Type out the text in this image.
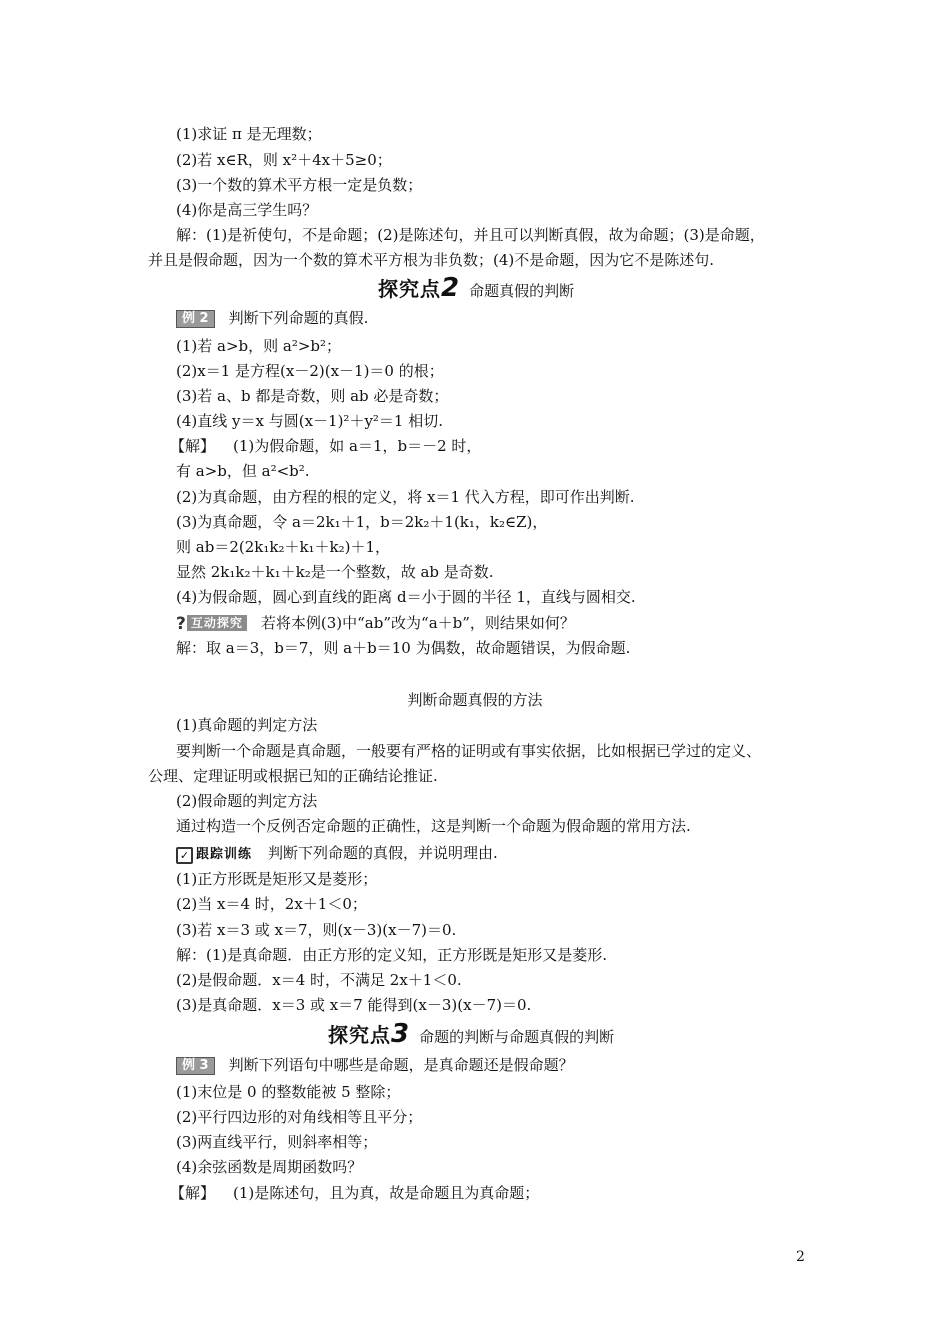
(1)求证 π 是无理数；
(2)若 x∈R，则 x²＋4x＋5≥0；
(3)一个数的算术平方根一定是负数；
(4)你是高三学生吗？
解：(1)是祈使句，不是命题；(2)是陈述句，并且可以判断真假，故为命题；(3)是命题，
并且是假命题，因为一个数的算术平方根为非负数；(4)不是命题，因为它不是陈述句.
探究点2 命题真假的判断
例 2 判断下列命题的真假.
(1)若 a>b，则 a²>b²；
(2)x＝1 是方程(x－2)(x－1)＝0 的根；
(3)若 a、b 都是奇数，则 ab 必是奇数；
(4)直线 y＝x 与圆(x－1)²＋y²＝1 相切.
【解】 (1)为假命题，如 a＝1，b＝－2 时，
有 a>b，但 a²<b².
(2)为真命题，由方程的根的定义，将 x＝1 代入方程，即可作出判断.
(3)为真命题，令 a＝2k₁＋1，b＝2k₂＋1(k₁，k₂∈Z)，
则 ab＝2(2k₁k₂＋k₁＋k₂)＋1，
显然 2k₁k₂＋k₁＋k₂是一个整数，故 ab 是奇数.
(4)为假命题，圆心到直线的距离 d＝小于圆的半径 1，直线与圆相交.
? 互动探究 若将本例(3)中“ab”改为“a＋b”，则结果如何？
解：取 a＝3，b＝7，则 a＋b＝10 为偶数，故命题错误，为假命题.
判断命题真假的方法
(1)真命题的判定方法
要判断一个命题是真命题，一般要有严格的证明或有事实依据，比如根据已学过的定义、
公理、定理证明或根据已知的正确结论推证.
(2)假命题的判定方法
通过构造一个反例否定命题的正确性，这是判断一个命题为假命题的常用方法.
✓ 跟踪训练 判断下列命题的真假，并说明理由.
(1)正方形既是矩形又是菱形；
(2)当 x＝4 时，2x＋1＜0；
(3)若 x＝3 或 x＝7，则(x－3)(x－7)＝0.
解：(1)是真命题．由正方形的定义知，正方形既是矩形又是菱形.
(2)是假命题．x＝4 时，不满足 2x＋1＜0.
(3)是真命题．x＝3 或 x＝7 能得到(x－3)(x－7)＝0.
探究点3 命题的判断与命题真假的判断
例 3 判断下列语句中哪些是命题，是真命题还是假命题？
(1)末位是 0 的整数能被 5 整除；
(2)平行四边形的对角线相等且平分；
(3)两直线平行，则斜率相等；
(4)余弦函数是周期函数吗？
【解】 (1)是陈述句，且为真，故是命题且为真命题；
2
